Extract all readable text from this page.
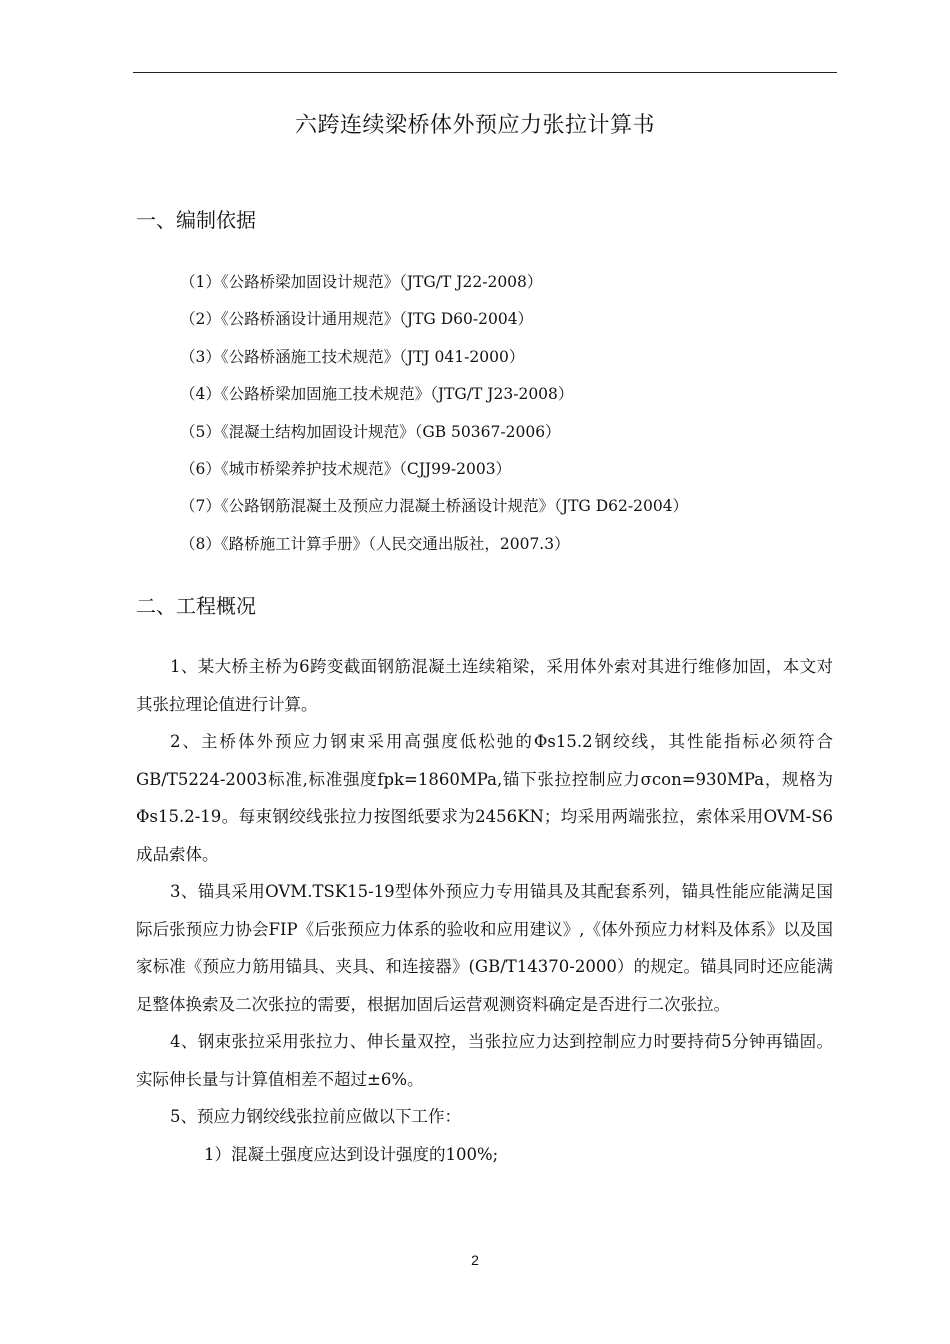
六跨连续梁桥体外预应力张拉计算书
一、编制依据
（1）《公路桥梁加固设计规范》（JTG/T J22-2008）
（2）《公路桥涵设计通用规范》（JTG D60-2004）
（3）《公路桥涵施工技术规范》（JTJ 041-2000）
（4）《公路桥梁加固施工技术规范》（JTG/T J23-2008）
（5）《混凝土结构加固设计规范》（GB 50367-2006）
（6）《城市桥梁养护技术规范》（CJJ99-2003）
（7）《公路钢筋混凝土及预应力混凝土桥涵设计规范》（JTG D62-2004）
（8）《路桥施工计算手册》（人民交通出版社，2007.3）
二、工程概况

1、某大桥主桥为6跨变截面钢筋混凝土连续箱梁，采用体外索对其进行维修加固，本文对其张拉理论值进行计算。

2、主桥体外预应力钢束采用高强度低松弛的Φs15.2钢绞线，其性能指标必须符合GB/T5224-2003标准,标准强度fpk=1860MPa,锚下张拉控制应力σcon=930MPa，规格为Φs15.2-19。每束钢绞线张拉力按图纸要求为2456KN；均采用两端张拉，索体采用OVM-S6成品索体。

3、锚具采用OVM.TSK15-19型体外预应力专用锚具及其配套系列，锚具性能应能满足国际后张预应力协会FIP《后张预应力体系的验收和应用建议》,《体外预应力材料及体系》以及国家标准《预应力筋用锚具、夹具、和连接器》(GB/T14370-2000）的规定。锚具同时还应能满足整体换索及二次张拉的需要，根据加固后运营观测资料确定是否进行二次张拉。

4、钢束张拉采用张拉力、伸长量双控，当张拉应力达到控制应力时要持荷5分钟再锚固。实际伸长量与计算值相差不超过±6%。

5、预应力钢绞线张拉前应做以下工作：

1）混凝土强度应达到设计强度的100%;

2
